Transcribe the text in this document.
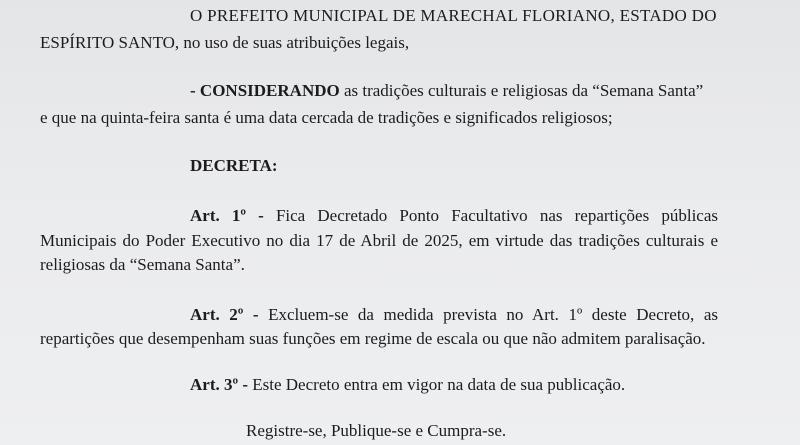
O PREFEITO MUNICIPAL DE MARECHAL FLORIANO, ESTADO DO
ESPÍRITO SANTO, no uso de suas atribuições legais,
- CONSIDERANDO as tradições culturais e religiosas da “Semana Santa”
e que na quinta-feira santa é uma data cercada de tradições e significados religiosos;
DECRETA:
Art. 1º - Fica Decretado Ponto Facultativo nas repartições públicas
Municipais do Poder Executivo no dia 17 de Abril de 2025, em virtude das tradições culturais e
religiosas da “Semana Santa”.
Art. 2º - Excluem-se da medida prevista no Art. 1º deste Decreto, as
repartições que desempenham suas funções em regime de escala ou que não admitem paralisação.
Art. 3º - Este Decreto entra em vigor na data de sua publicação.
Registre-se, Publique-se e Cumpra-se.
